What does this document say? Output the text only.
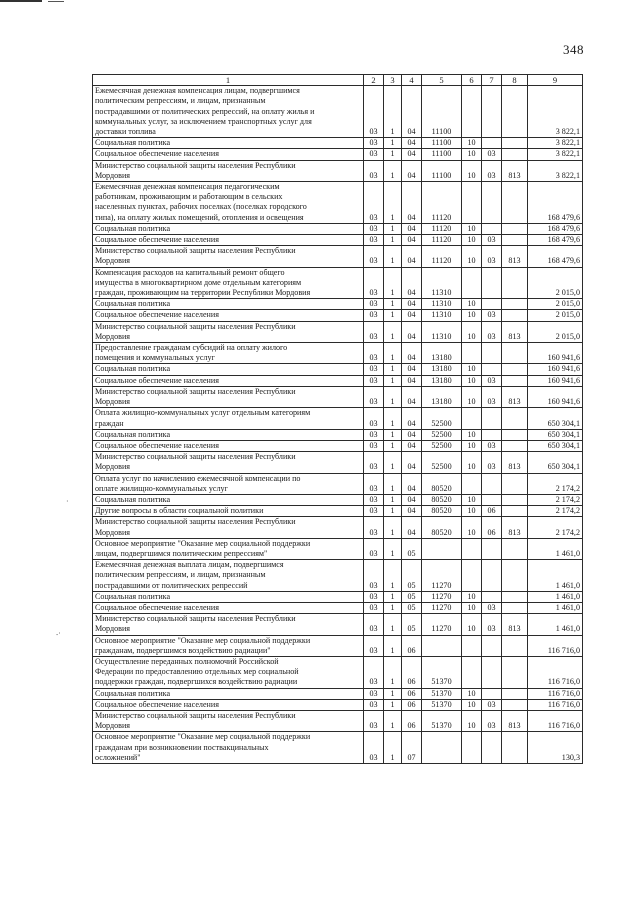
·
⸳·
348
1	2	3	4	5	6	7	8	9

Ежемесячная денежная компенсация лицам, подвергшимся
политическим репрессиям, и лицам, признанным
пострадавшими от политических репрессий, на оплату жилья и
коммунальных услуг, за исключением транспортных услуг для
доставки топлива	03	1	04	11100				3 822,1

Социальная политика	03	1	04	11100	10			3 822,1

Социальное обеспечение населения	03	1	04	11100	10	03		3 822,1

Министерство социальной защиты населения Республики
Мордовия	03	1	04	11100	10	03	813	3 822,1

Ежемесячная денежная компенсация педагогическим
работникам, проживающим и работающим в сельских
населенных пунктах, рабочих поселках (поселках городского
типа), на оплату жилых помещений, отопления и освещения	03	1	04	11120				168 479,6

Социальная политика	03	1	04	11120	10			168 479,6

Социальное обеспечение населения	03	1	04	11120	10	03		168 479,6

Министерство социальной защиты населения Республики
Мордовия	03	1	04	11120	10	03	813	168 479,6

Компенсация расходов на капитальный ремонт общего
имущества в многоквартирном доме отдельным категориям
граждан, проживающим на территории Республики Мордовия	03	1	04	11310				2 015,0

Социальная политика	03	1	04	11310	10			2 015,0

Социальное обеспечение населения	03	1	04	11310	10	03		2 015,0

Министерство социальной защиты населения Республики
Мордовия	03	1	04	11310	10	03	813	2 015,0

Предоставление гражданам субсидий на оплату жилого
помещения и коммунальных услуг	03	1	04	13180				160 941,6

Социальная политика	03	1	04	13180	10			160 941,6

Социальное обеспечение населения	03	1	04	13180	10	03		160 941,6

Министерство социальной защиты населения Республики
Мордовия	03	1	04	13180	10	03	813	160 941,6

Оплата жилищно-коммунальных услуг отдельным категориям
граждан	03	1	04	52500				650 304,1

Социальная политика	03	1	04	52500	10			650 304,1

Социальное обеспечение населения	03	1	04	52500	10	03		650 304,1

Министерство социальной защиты населения Республики
Мордовия	03	1	04	52500	10	03	813	650 304,1

Оплата услуг по начислению ежемесячной компенсации по
оплате жилищно-коммунальных услуг	03	1	04	80520				2 174,2

Социальная политика	03	1	04	80520	10			2 174,2

Другие вопросы в области социальной политики	03	1	04	80520	10	06		2 174,2

Министерство социальной защиты населения Республики
Мордовия	03	1	04	80520	10	06	813	2 174,2

Основное мероприятие "Оказание мер социальной поддержки
лицам, подвергшимся политическим репрессиям"	03	1	05					1 461,0

Ежемесячная денежная выплата лицам, подвергшимся
политическим репрессиям, и лицам, признанным
пострадавшими от политических репрессий	03	1	05	11270				1 461,0

Социальная политика	03	1	05	11270	10			1 461,0

Социальное обеспечение населения	03	1	05	11270	10	03		1 461,0

Министерство социальной защиты населения Республики
Мордовия	03	1	05	11270	10	03	813	1 461,0

Основное мероприятие "Оказание мер социальной поддержки
гражданам, подвергшимся воздействию радиации"	03	1	06					116 716,0

Осуществление переданных полномочий Российской
Федерации по предоставлению отдельных мер социальной
поддержки граждан, подвергшихся воздействию радиации	03	1	06	51370				116 716,0

Социальная политика	03	1	06	51370	10			116 716,0

Социальное обеспечение населения	03	1	06	51370	10	03		116 716,0

Министерство социальной защиты населения Республики
Мордовия	03	1	06	51370	10	03	813	116 716,0

Основное мероприятие "Оказание мер социальной поддержки
гражданам при возникновении поствакцинальных
осложнений"	03	1	07					130,3
